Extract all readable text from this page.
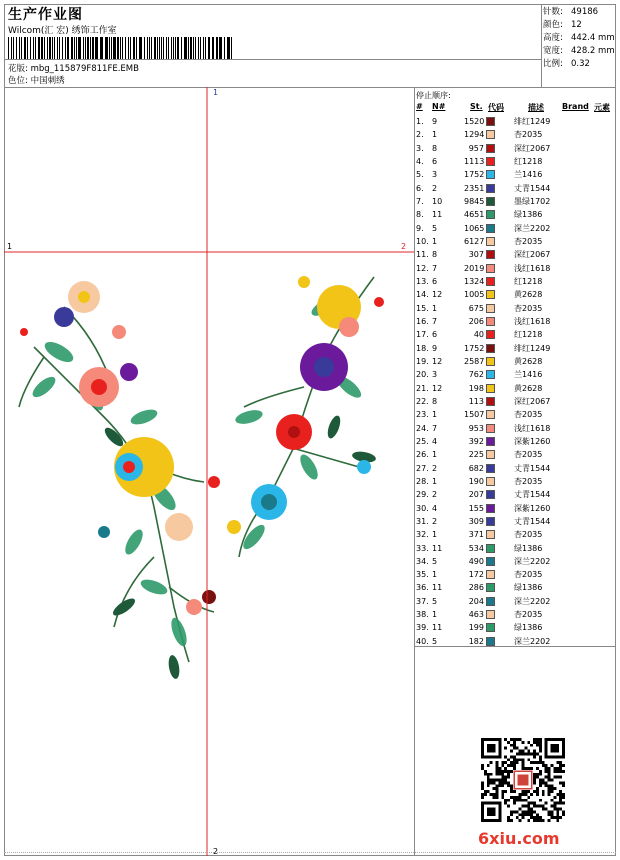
生产作业图
Wilcom(汇 宏) 绣饰工作室
花版: mbg_115879F811FE.EMB
色位: 中国刺绣
针数: 49186
颜色: 12
高度: 442.4 mm
宽度: 428.2 mm
比例: 0.32
1
2
1	2
停止顺序:
# N#	St. 代码	描述 Brand 元素
1. 9	1520	绯红1249
2. 1	1294	杏2035
3. 8	957	深红2067
4. 6	1113	红1218
5. 3	1752	兰1416
6. 2	2351	丈青1544
7. 10	9845	墨绿1702
8. 11	4651	绿1386
9. 5	1065	深兰2202
10. 1	6127	杏2035
11. 8	307	深红2067
12. 7	2019	浅红1618
13. 6	1324	红1218
14. 12	1005	黄2628
15. 1	675	杏2035
16. 7	206	浅红1618
17. 6	40	红1218
18. 9	1752	绯红1249
19. 12	2587	黄2628
20. 3	762	兰1416
21. 12	198	黄2628
22. 8	113	深红2067
23. 1	1507	杏2035
24. 7	953	浅红1618
25. 4	392	深紫1260
26. 1	225	杏2035
27. 2	682	丈青1544
28. 1	190	杏2035
29. 2	207	丈青1544
30. 4	155	深紫1260
31. 2	309	丈青1544
32. 1	371	杏2035
33. 11	534	绿1386
34. 5	490	深兰2202
35. 1	172	杏2035
36. 11	286	绿1386
37. 5	204	深兰2202
38. 1	463	杏2035
39. 11	199	绿1386
40. 5	182	深兰2202
6xiu.com
